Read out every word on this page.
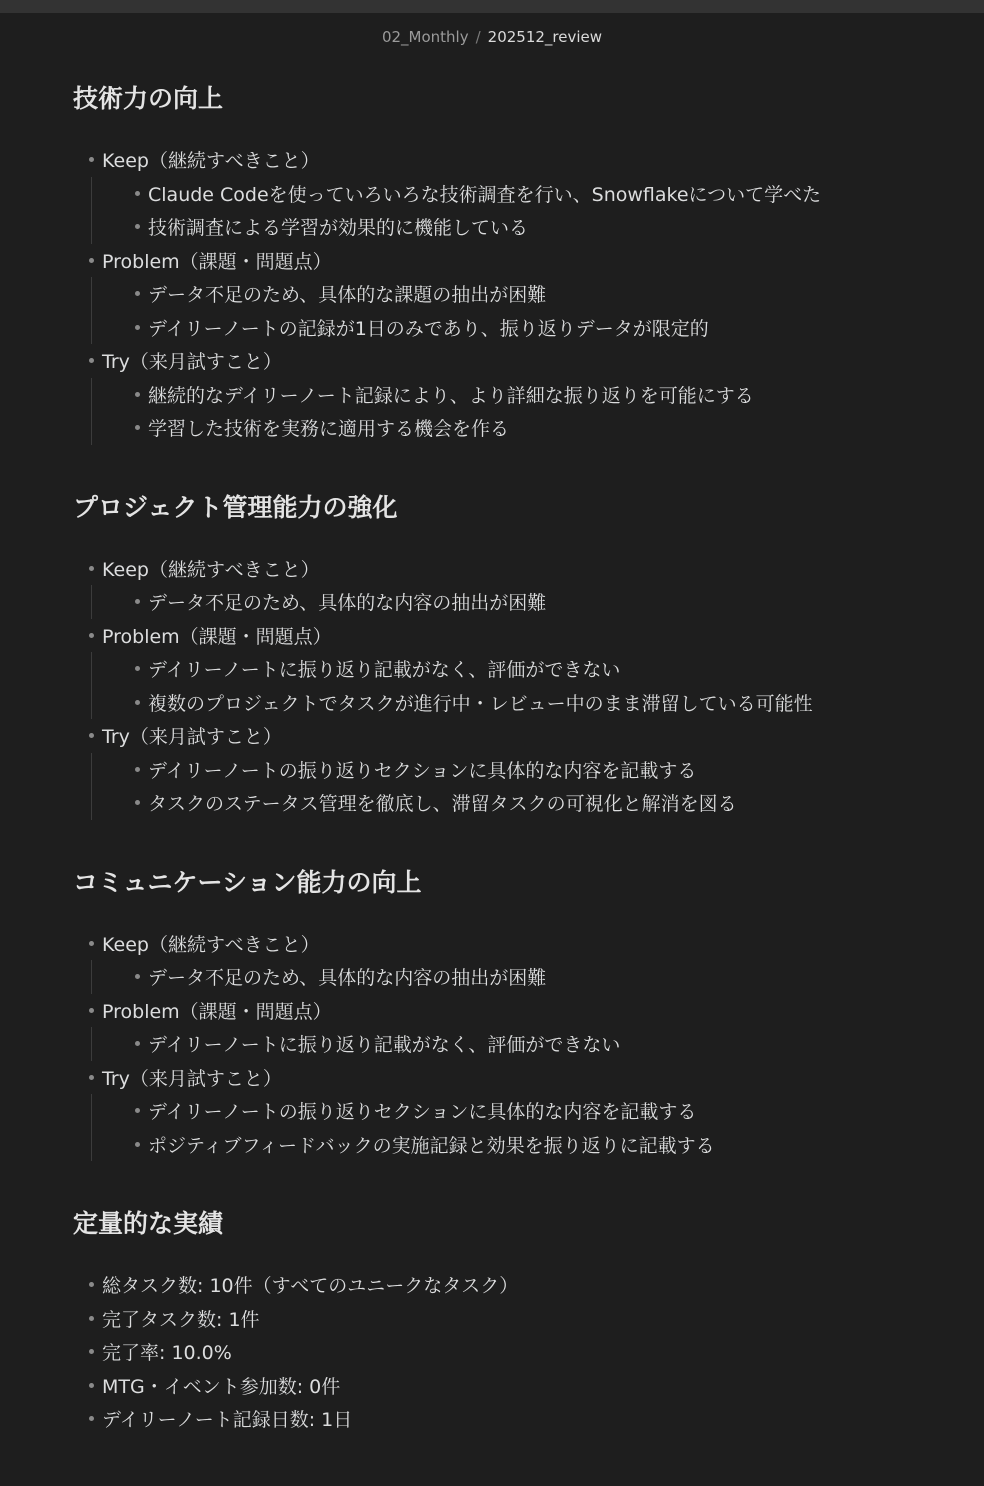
02_Monthly / 202512_review
技術力の向上
Keep（継続すべきこと）
Claude Codeを使っていろいろな技術調査を行い、Snowflakeについて学べた
技術調査による学習が効果的に機能している
Problem（課題・問題点）
データ不足のため、具体的な課題の抽出が困難
デイリーノートの記録が1日のみであり、振り返りデータが限定的
Try（来月試すこと）
継続的なデイリーノート記録により、より詳細な振り返りを可能にする
学習した技術を実務に適用する機会を作る
プロジェクト管理能力の強化
Keep（継続すべきこと）
データ不足のため、具体的な内容の抽出が困難
Problem（課題・問題点）
デイリーノートに振り返り記載がなく、評価ができない
複数のプロジェクトでタスクが進行中・レビュー中のまま滞留している可能性
Try（来月試すこと）
デイリーノートの振り返りセクションに具体的な内容を記載する
タスクのステータス管理を徹底し、滞留タスクの可視化と解消を図る
コミュニケーション能力の向上
Keep（継続すべきこと）
データ不足のため、具体的な内容の抽出が困難
Problem（課題・問題点）
デイリーノートに振り返り記載がなく、評価ができない
Try（来月試すこと）
デイリーノートの振り返りセクションに具体的な内容を記載する
ポジティブフィードバックの実施記録と効果を振り返りに記載する
定量的な実績
総タスク数: 10件（すべてのユニークなタスク）
完了タスク数: 1件
完了率: 10.0%
MTG・イベント参加数: 0件
デイリーノート記録日数: 1日
